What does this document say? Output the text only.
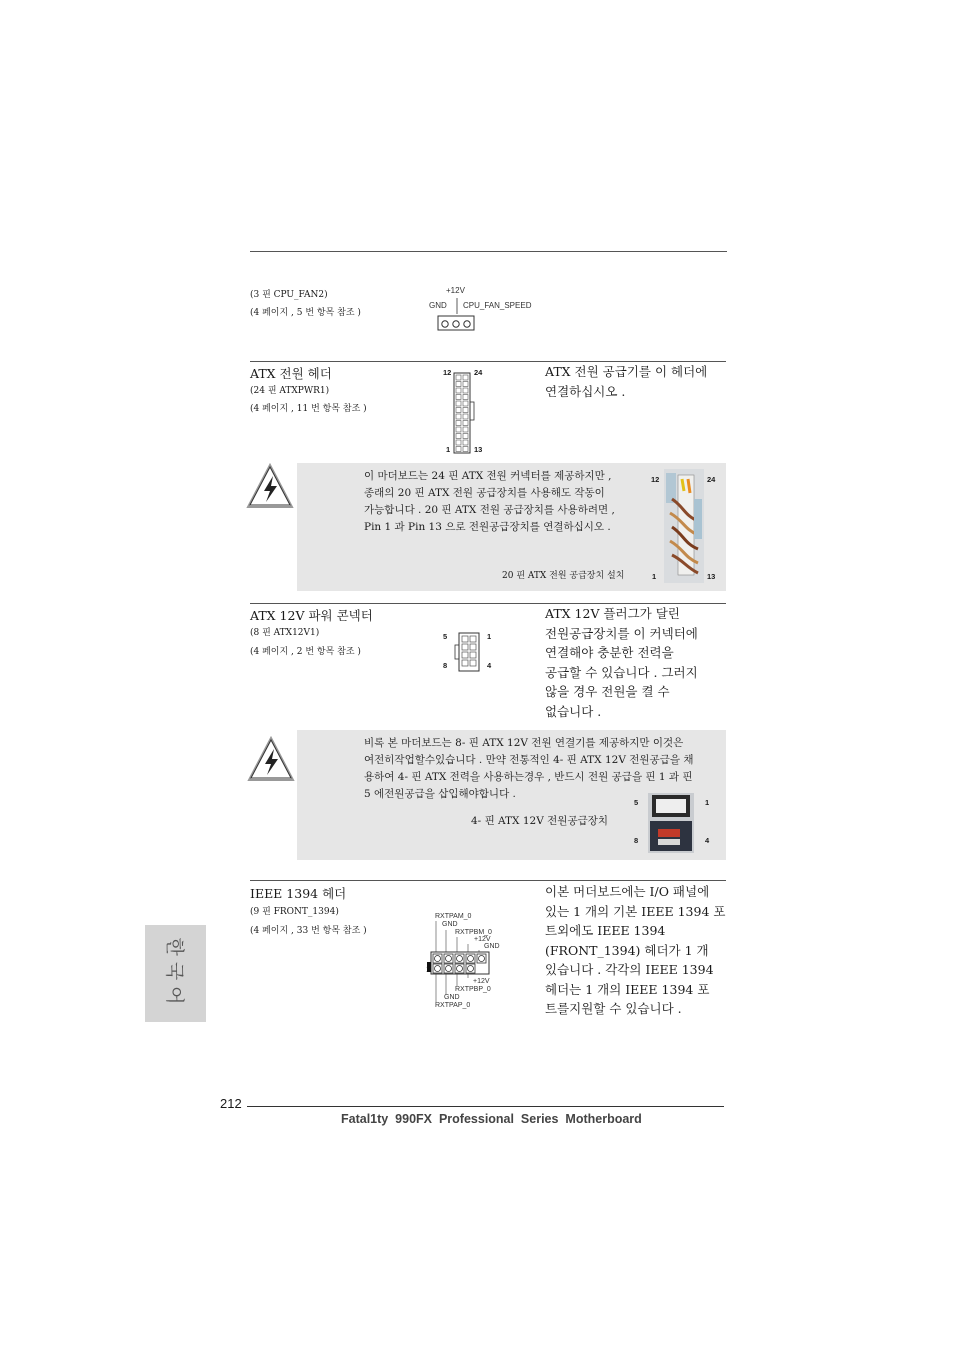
(3 핀 CPU_FAN2)
(4 페이지 , 5 번 항목 참조 )
+12V
GND CPU_FAN_SPEED
ATX 전원 헤더
(24 핀 ATXPWR1)
(4 페이지 , 11 번 항목 참조 )
12	24
1	13
ATX 전원 공급기를 이 헤더에
연결하십시오 .
이 마더보드는 24 핀 ATX 전원 커넥터를 제공하지만 ,
종래의 20 핀 ATX 전원 공급장치를 사용해도 작동이
가능합니다 . 20 핀 ATX 전원 공급장치를 사용하려면 ,
Pin 1 과 Pin 13 으로 전원공급장치를 연결하십시오 .
20 핀 ATX 전원 공급장치 설치
12	24
1	13
ATX 12V 파워 콘넥터
(8 핀 ATX12V1)
(4 페이지 , 2 번 항목 참조 )
5	1
8	4
ATX 12V 플러그가 달린
전원공급장치를 이 커넥터에
연결해야 충분한 전력을
공급할 수 있습니다 . 그러지
않을 경우 전원을 켤 수
없습니다 .
비록 본 마더보드는 8- 핀 ATX 12V 전원 연결기를 제공하지만 이것은
여전히작업할수있습니다 . 만약 전통적인 4- 핀 ATX 12V 전원공급을 채
용하여 4- 핀 ATX 전력을 사용하는경우 , 반드시 전원 공급을 핀 1 과 핀
5 에전원공급을 삽입해야합니다 .
4- 핀 ATX 12V 전원공급장치
5	1
8	4
IEEE 1394 헤더
(9 핀 FRONT_1394)
(4 페이지 , 33 번 항목 참조 )
RXTPAM_0
GND
RXTPBM_0
+12V
GND
+12V
RXTPBP_0
GND
RXTPAP_0
이본 머더보드에는 I/O 패널에
있는 1 개의 기본 IEEE 1394 포
트외에도 IEEE 1394
(FRONT_1394) 헤더가 1 개
있습니다 . 각각의 IEEE 1394
헤더는 1 개의 IEEE 1394 포
트를지원할 수 있습니다 .
한국어
212
Fatal1ty  990FX  Professional  Series  Motherboard
